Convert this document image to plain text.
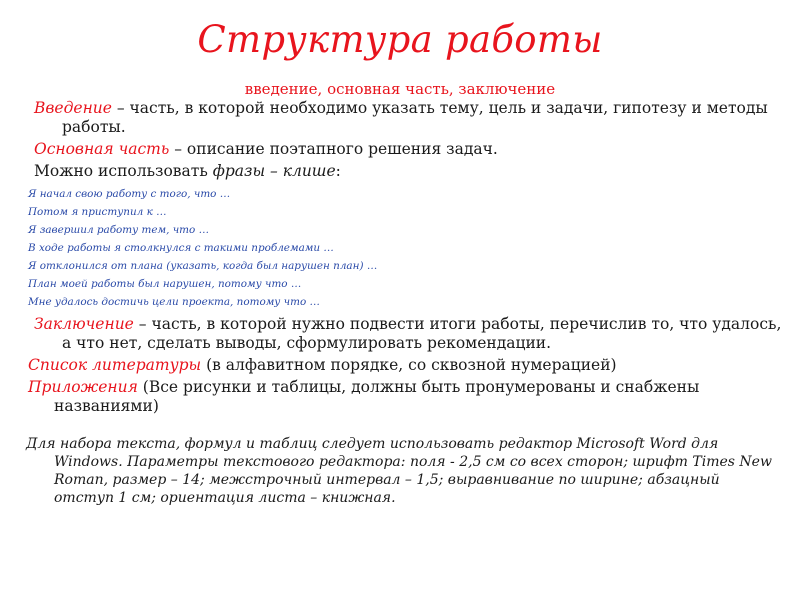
Структура работы
введение, основная часть, заключение

Введение – часть, в которой необходимо указать тему, цель и задачи, гипотезу и методы работы.

Основная часть – описание поэтапного решения задач.

Можно использовать фразы – клише:

Я начал свою работу с того, что …
Потом я приступил к …
Я завершил работу тем, что …
В ходе работы я столкнулся с такими проблемами …
Я отклонился от плана (указать, когда был нарушен план) …
План моей работы был нарушен, потому что …
Мне удалось достичь цели проекта, потому что …

Заключение – часть, в которой нужно подвести итоги работы, перечислив то, что удалось, а что нет, сделать выводы, сформулировать рекомендации.

Список литературы (в алфавитном порядке, со сквозной нумерацией)

Приложения (Все рисунки и таблицы, должны быть пронумерованы и снабжены названиями)

Для набора текста, формул и таблиц следует использовать редактор Microsoft Word для Windows. Параметры текстового редактора: поля - 2,5 см со всех сторон; шрифт Times New Roman, размер – 14; межстрочный интервал – 1,5; выравнивание по ширине; абзацный отступ 1 см; ориентация листа – книжная.
